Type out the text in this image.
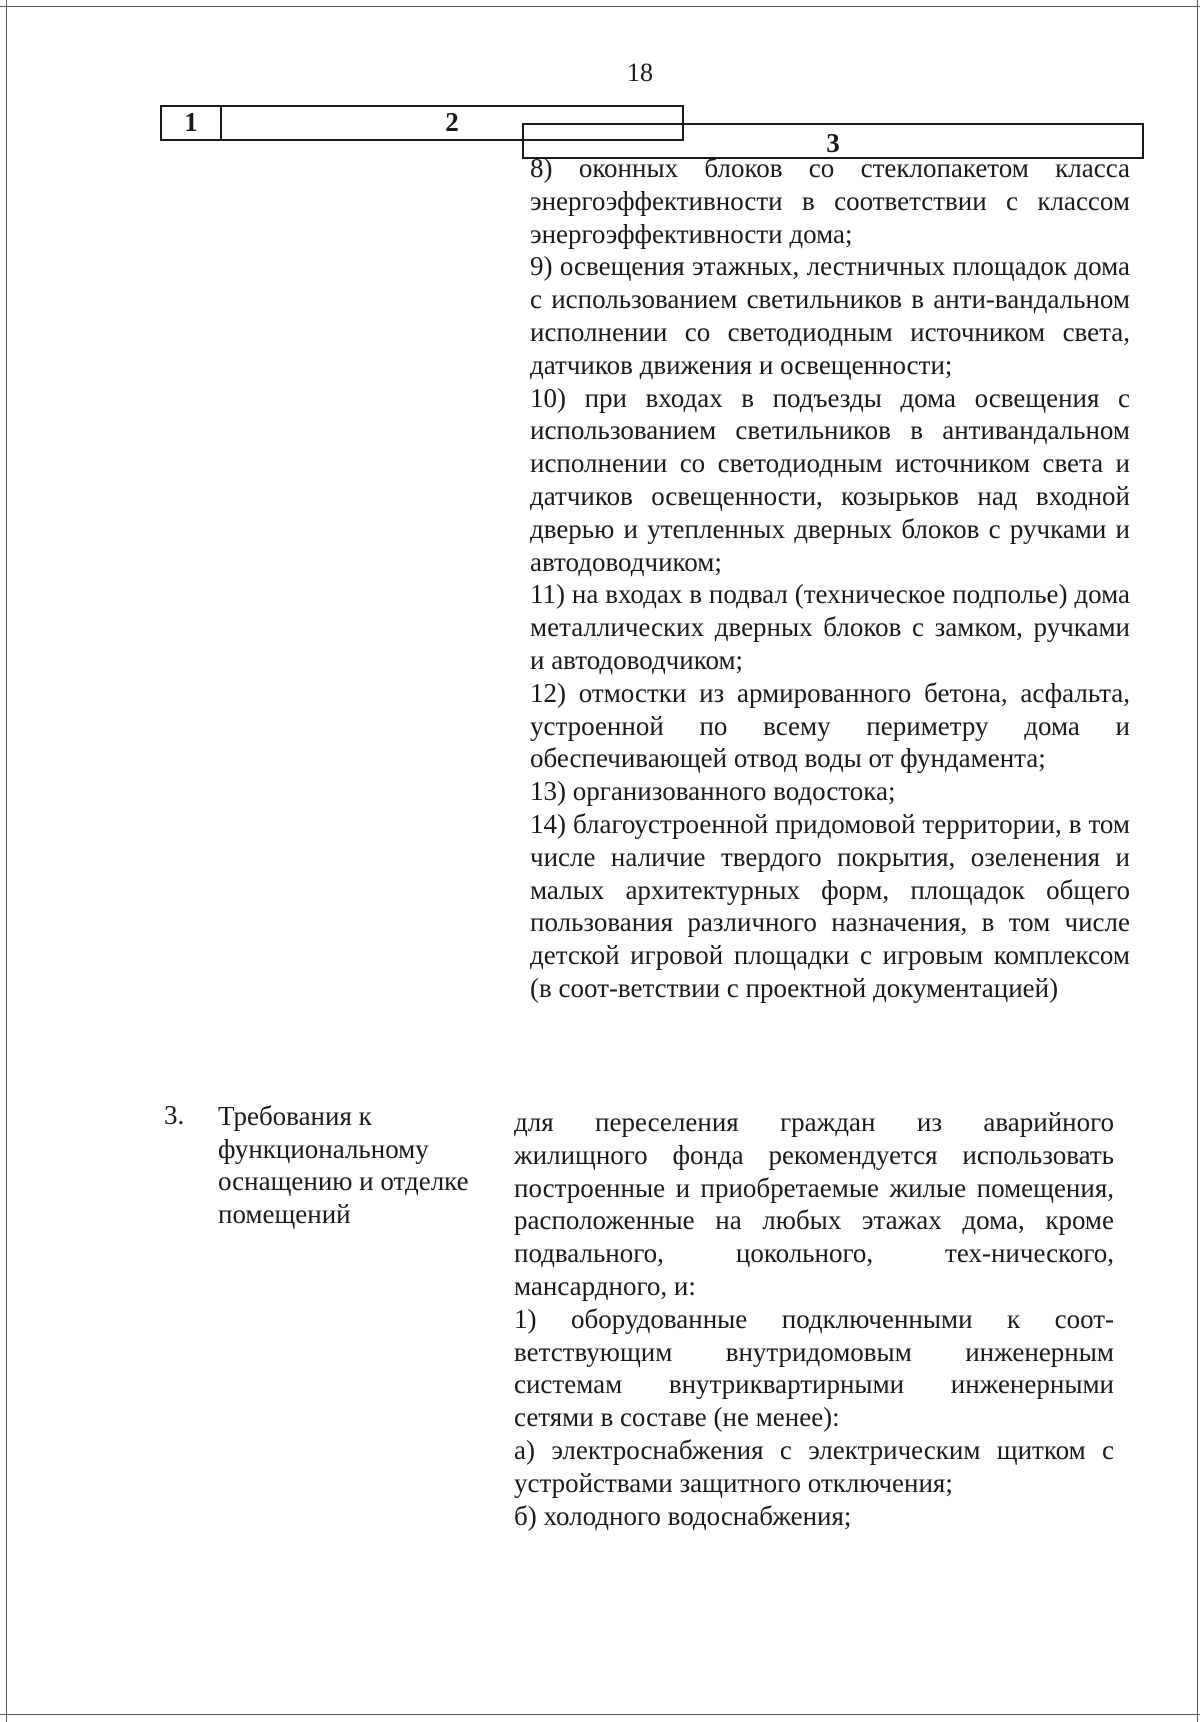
18
1	2
3

8) оконных блоков со стеклопакетом класса энергоэффективности в соответствии с классом энергоэффективности дома;

9) освещения этажных, лестничных площадок дома с использованием светильников в анти-вандальном исполнении со светодиодным источником света, датчиков движения и освещенности;

10) при входах в подъезды дома освещения с использованием светильников в антивандальном исполнении со светодиодным источником света и датчиков освещенности, козырьков над входной дверью и утепленных дверных блоков с ручками и автодоводчиком;

11) на входах в подвал (техническое подполье) дома металлических дверных блоков с замком, ручками и автодоводчиком;

12) отмостки из армированного бетона, асфальта, устроенной по всему периметру дома и обеспечивающей отвод воды от фундамента;

13) организованного водостока;

14) благоустроенной придомовой территории, в том числе наличие твердого покрытия, озеленения и малых архитектурных форм, площадок общего пользования различного назначения, в том числе детской игровой площадки с игровым комплексом (в соот-ветствии с проектной документацией)

3. Требования к функциональному оснащению и отделке помещений

для переселения граждан из аварийного жилищного фонда рекомендуется использовать построенные и приобретаемые жилые помещения, расположенные на любых этажах дома, кроме подвального, цокольного, тех-нического, мансардного, и:

1) оборудованные подключенными к соот-ветствующим внутридомовым инженерным системам внутриквартирными инженерными сетями в составе (не менее):

а) электроснабжения с электрическим щитком с устройствами защитного отключения;

б) холодного водоснабжения;
